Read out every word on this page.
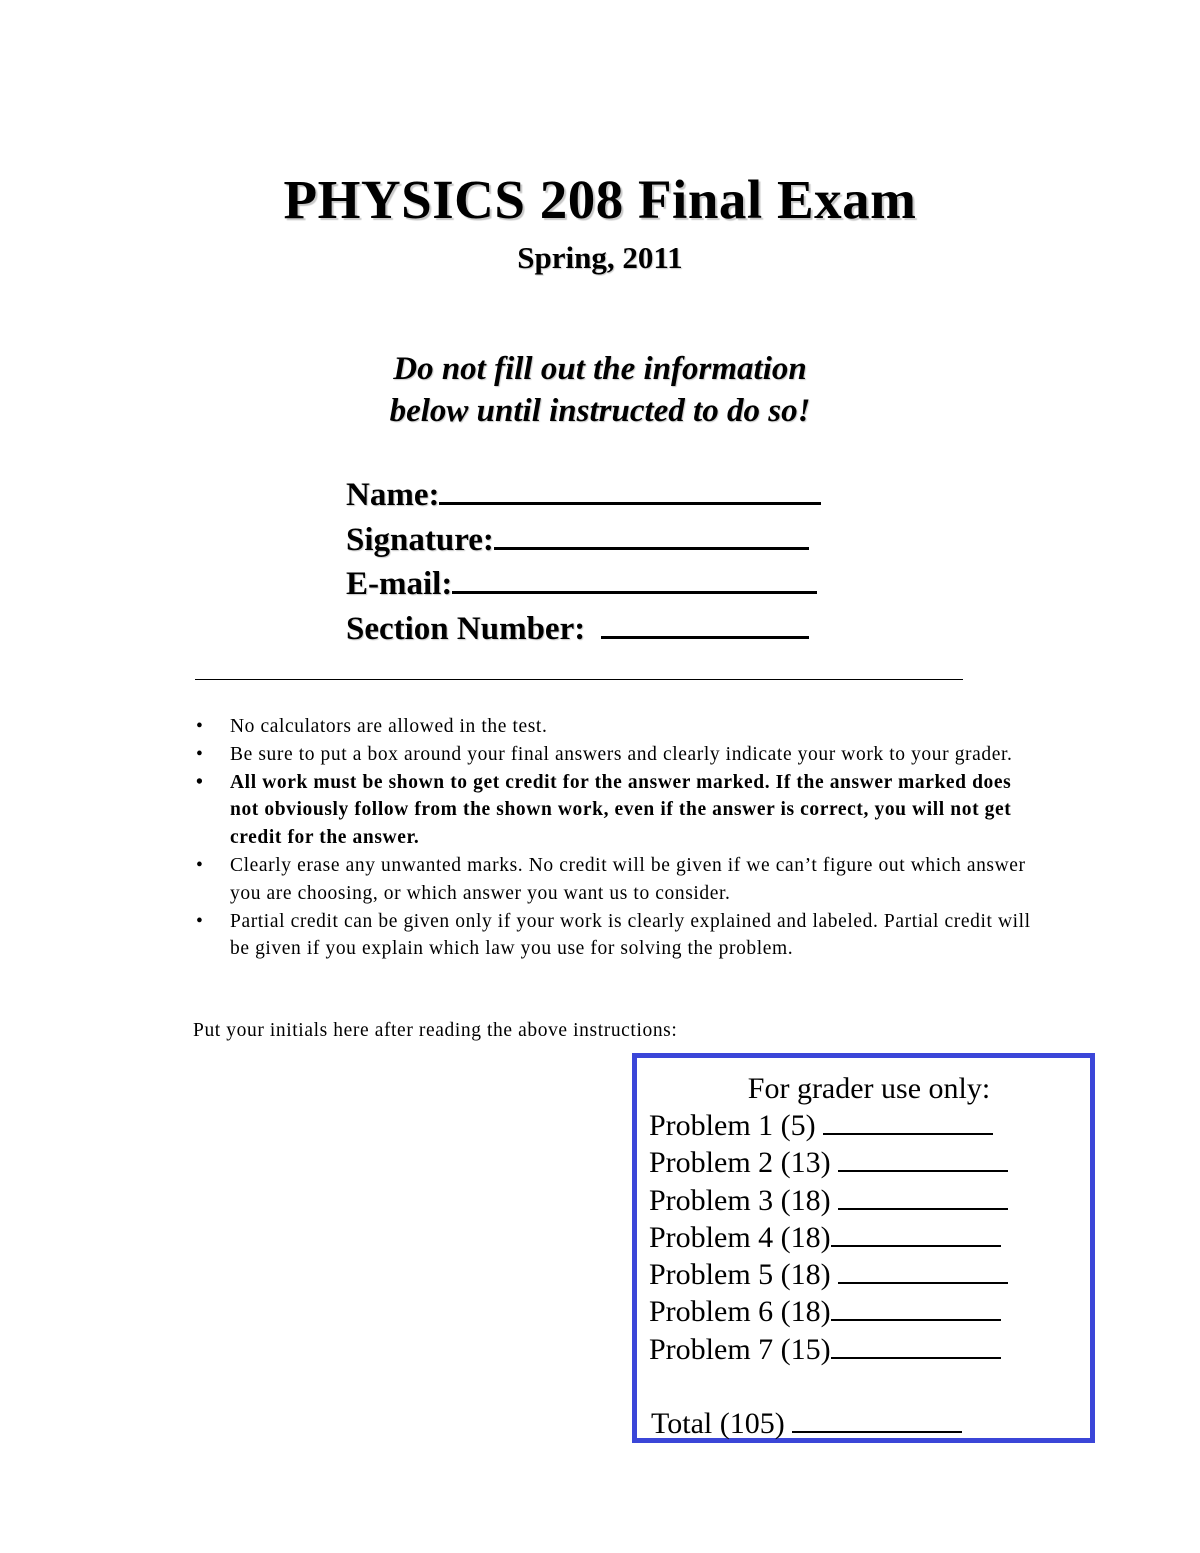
PHYSICS 208 Final Exam
Spring, 2011
Do not fill out the information
below until instructed to do so!
Name:
Signature:
E-mail:
Section Number:
• No calculators are allowed in the test.
• Be sure to put a box around your final answers and clearly indicate your work to your grader.
• All work must be shown to get credit for the answer marked. If the answer marked does not obviously follow from the shown work, even if the answer is correct, you will not get credit for the answer.
• Clearly erase any unwanted marks. No credit will be given if we can’t figure out which answer you are choosing, or which answer you want us to consider.
• Partial credit can be given only if your work is clearly explained and labeled. Partial credit will be given if you explain which law you use for solving the problem.
Put your initials here after reading the above instructions:
For grader use only:
Problem 1 (5)
Problem 2 (13)
Problem 3 (18)
Problem 4 (18)
Problem 5 (18)
Problem 6 (18)
Problem 7 (15)
Total (105)
